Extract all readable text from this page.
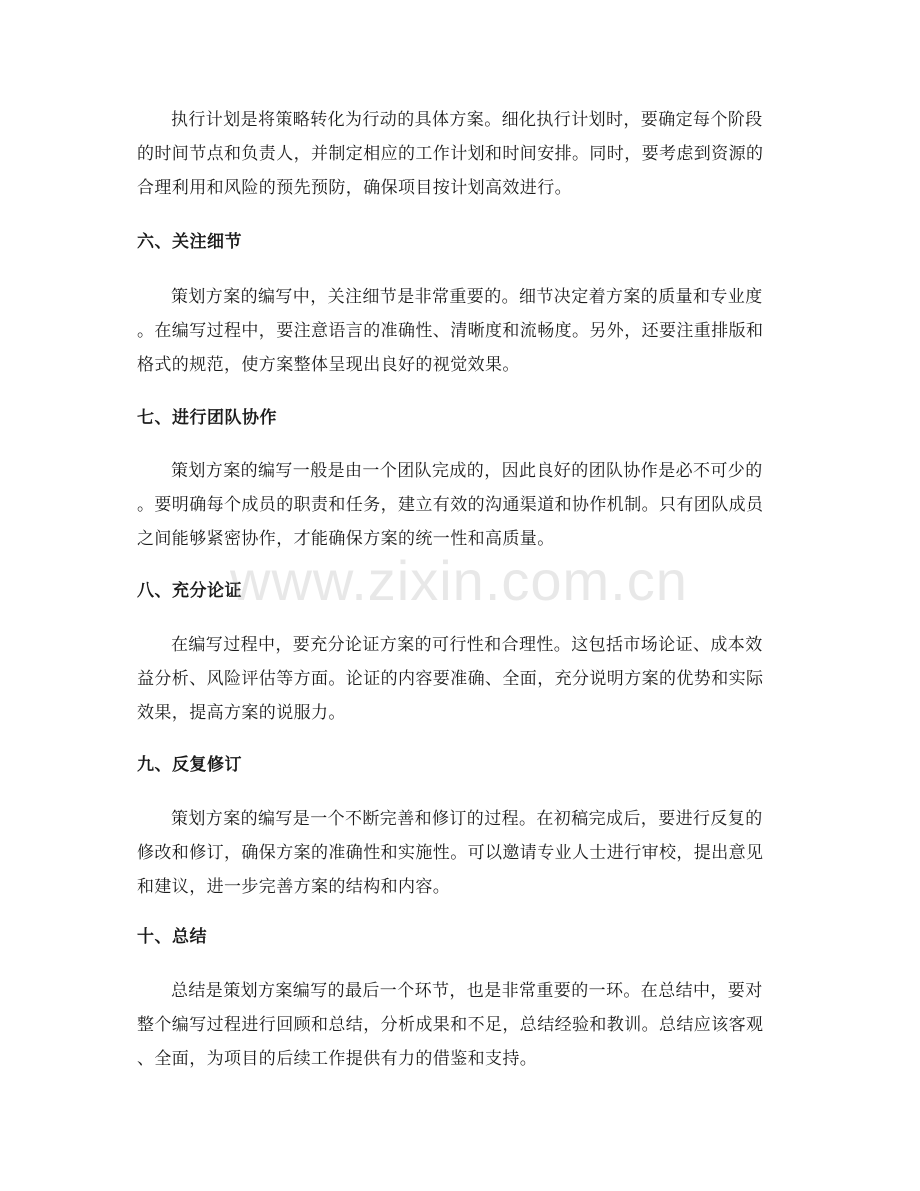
执行计划是将策略转化为行动的具体方案。细化执行计划时，要确定每个阶段
的时间节点和负责人，并制定相应的工作计划和时间安排。同时，要考虑到资源的
合理利用和风险的预先预防，确保项目按计划高效进行。

六、关注细节

策划方案的编写中，关注细节是非常重要的。细节决定着方案的质量和专业度
。在编写过程中，要注意语言的准确性、清晰度和流畅度。另外，还要注重排版和
格式的规范，使方案整体呈现出良好的视觉效果。

七、进行团队协作

策划方案的编写一般是由一个团队完成的，因此良好的团队协作是必不可少的
。要明确每个成员的职责和任务，建立有效的沟通渠道和协作机制。只有团队成员
之间能够紧密协作，才能确保方案的统一性和高质量。

八、充分论证

在编写过程中，要充分论证方案的可行性和合理性。这包括市场论证、成本效
益分析、风险评估等方面。论证的内容要准确、全面，充分说明方案的优势和实际
效果，提高方案的说服力。

九、反复修订

策划方案的编写是一个不断完善和修订的过程。在初稿完成后，要进行反复的
修改和修订，确保方案的准确性和实施性。可以邀请专业人士进行审校，提出意见
和建议，进一步完善方案的结构和内容。

十、总结

总结是策划方案编写的最后一个环节，也是非常重要的一环。在总结中，要对
整个编写过程进行回顾和总结，分析成果和不足，总结经验和教训。总结应该客观
、全面，为项目的后续工作提供有力的借鉴和支持。

www.zixin.com.cn
